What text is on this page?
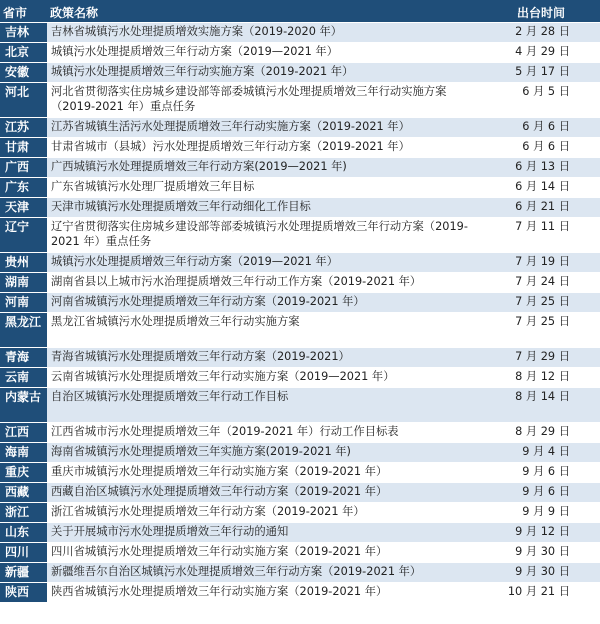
省市	政策名称	出台时间
吉林	吉林省城镇污水处理提质增效实施方案（2019-2020 年）	2 月 28 日
北京	城镇污水处理提质增效三年行动方案（2019—2021 年）	4 月 29 日
安徽	城镇污水处理提质增效三年行动实施方案（2019-2021 年）	5 月 17 日
河北	河北省贯彻落实住房城乡建设部等部委城镇污水处理提质增效三年行动实施方案（2019-2021 年）重点任务	6 月 5 日
江苏	江苏省城镇生活污水处理提质增效三年行动实施方案（2019-2021 年）	6 月 6 日
甘肃	甘肃省城市（县城）污水处理提质增效三年行动方案（2019-2021 年）	6 月 6 日
广西	广西城镇污水处理提质增效三年行动方案(2019—2021 年)	6 月 13 日
广东	广东省城镇污水处理厂提质增效三年目标	6 月 14 日
天津	天津市城镇污水处理提质增效三年行动细化工作目标	6 月 21 日
辽宁	辽宁省贯彻落实住房城乡建设部等部委城镇污水处理提质增效三年行动方案（2019-2021 年）重点任务	7 月 11 日
贵州	城镇污水处理提质增效三年行动方案（2019—2021 年）	7 月 19 日
湖南	湖南省县以上城市污水治理提质增效三年行动工作方案（2019-2021 年）	7 月 24 日
河南	河南省城镇污水处理提质增效三年行动方案（2019-2021 年）	7 月 25 日
黑龙江	黑龙江省城镇污水处理提质增效三年行动实施方案	7 月 25 日
青海	青海省城镇污水处理提质增效三年行动方案（2019-2021）	7 月 29 日
云南	云南省城镇污水处理提质增效三年行动实施方案（2019—2021 年）	8 月 12 日
内蒙古	自治区城镇污水处理提质增效三年行动工作目标	8 月 14 日
江西	江西省城市污水处理提质增效三年（2019-2021 年）行动工作目标表	8 月 29 日
海南	海南省城镇污水处理提质增效三年实施方案(2019-2021 年)	9 月 4 日
重庆	重庆市城镇污水处理提质增效三年行动实施方案（2019-2021 年）	9 月 6 日
西藏	西藏自治区城镇污水处理提质增效三年行动方案（2019-2021 年）	9 月 6 日
浙江	浙江省城镇污水处理提质增效三年行动方案（2019-2021 年）	9 月 9 日
山东	关于开展城市污水处理提质增效三年行动的通知	9 月 12 日
四川	四川省城镇污水处理提质增效三年行动实施方案（2019-2021 年）	9 月 30 日
新疆	新疆维吾尔自治区城镇污水处理提质增效三年行动方案（2019-2021 年）	9 月 30 日
陕西	陕西省城镇污水处理提质增效三年行动实施方案（2019-2021 年）	10 月 21 日
